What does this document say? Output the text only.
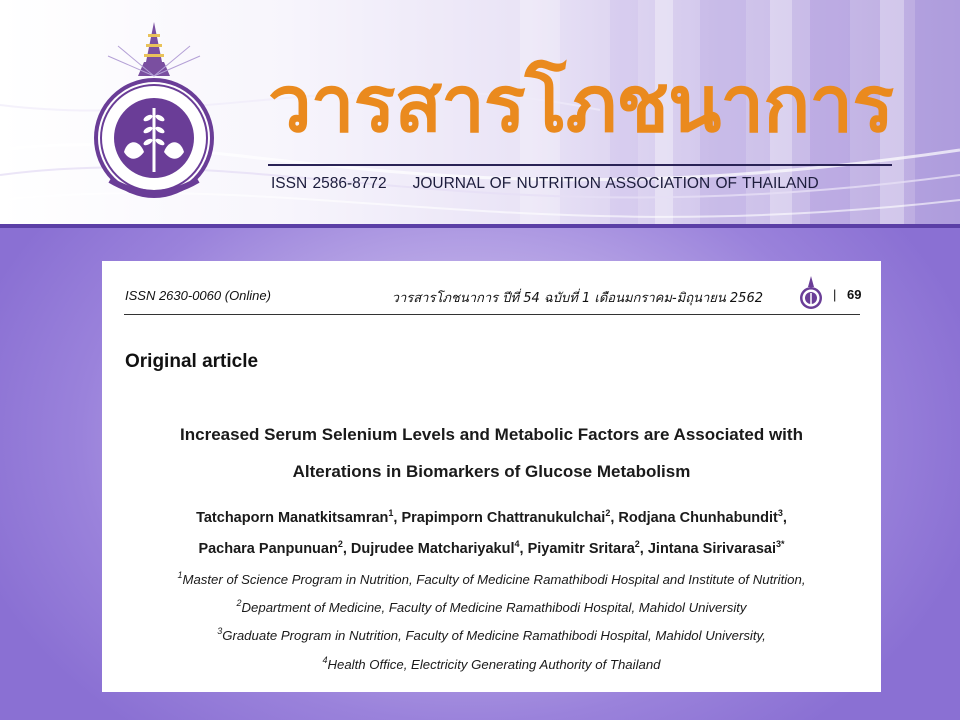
วารสารโภชนาการ
ISSN 2586-8772 JOURNAL OF NUTRITION ASSOCIATION OF THAILAND
ISSN 2630-0060 (Online)	วารสารโภชนาการ ปีที่ 54 ฉบับที่ 1 เดือนมกราคม-มิถุนายน 2562	| 69
Original article
Increased Serum Selenium Levels and Metabolic Factors are Associated with
Alterations in Biomarkers of Glucose Metabolism
Tatchaporn Manatkitsamran$^1$, Prapimporn Chattranukulchai$^2$, Rodjana Chunhabundit$^3$,
Pachara Panpunuan$^2$, Dujrudee Matchariyakul$^4$, Piyamitr Sritara$^2$, Jintana Sirivarasai$^{3*}$
$^1$Master of Science Program in Nutrition, Faculty of Medicine Ramathibodi Hospital and Institute of Nutrition,
$^2$Department of Medicine, Faculty of Medicine Ramathibodi Hospital, Mahidol University
$^3$Graduate Program in Nutrition, Faculty of Medicine Ramathibodi Hospital, Mahidol University,
$^4$Health Office, Electricity Generating Authority of Thailand
